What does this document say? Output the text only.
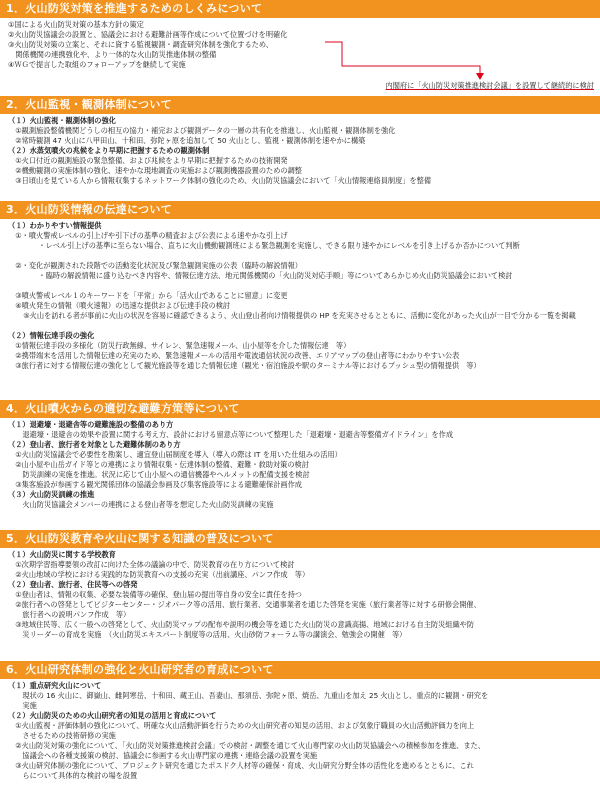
1．火山防災対策を推進するためのしくみについて
①国による火山防災対策の基本方針の策定
②火山防災協議会の設置と、協議会における避難計画等作成について位置づけを明確化
③火山防災対策の立案と、それに資する監視観測・調査研究体制を強化するため、
　関係機関の連携強化や、より一体的な火山防災推進体制の整備
④ＷＧで提言した取組のフォローアップを継続して実施
内閣府に「火山防災対策推進検討会議」を設置して継続的に検討
2．火山監視・観測体制について
（１）火山監視・観測体制の強化
　①観測施設整備機関どうしの相互の協力・補完および観測データの一層の共有化を推進し、火山監視・観測体制を強化
　②常時観測 47 火山に八甲田山、十和田、弥陀ヶ原を追加して 50 火山とし、監視・観測体制を速やかに構築
（２）水蒸気噴火の兆候をより早期に把握するための観測体制
　①火口付近の観測施設の緊急整備、および兆候をより早期に把握するための技術開発
　②機動観測の実施体制の強化、速やかな現地調査の実施および観測機器設置のための調整
　③日頃山を見ている人から情報収集するネットワーク体制の強化のため、火山防災協議会において「火山情報連絡員制度」を整備
3．火山防災情報の伝達について
（１）わかりやすい情報提供
　①・噴火警戒レベルの引上げや引下げの基準の精査および公表による速やかな引上げ
　　・レベル引上げの基準に至らない場合、直ちに火山機動観測班による緊急観測を実施し、できる限り速やかにレベルを引き上げるか否かについて判断
　②・変化が観測された段階での活動変化状況及び緊急観測実施の公表（臨時の解説情報）
　　・臨時の解説情報に盛り込むべき内容や、情報伝達方法、地元関係機関の「火山防災対応手順」等についてあらかじめ火山防災協議会において検討
　③噴火警戒レベル１のキーワードを「平常」から「活火山であることに留意」に変更
　④噴火発生の情報（噴火速報）の迅速な提供および伝達手段の検討
　⑤火山を訪れる者が事前に火山の状況を容易に確認できるよう、火山登山者向け情報提供の HP を充実させるとともに、活動に変化があった火山が一目で分かる一覧を掲載
（２）情報伝達手段の強化
　①情報伝達手段の多様化（防災行政無線、サイレン、緊急速報メール、山小屋等を介した情報伝達　等）
　②携帯端末を活用した情報伝達の充実のため、緊急速報メールの活用や電波通信状況の改善、エリアマップの登山者等にわかりやすい公表
　③旅行者に対する情報伝達の強化として観光施設等を通じた情報伝達（観光・宿泊施設や駅のターミナル等におけるプッシュ型の情報提供　等）
4．火山噴火からの適切な避難方策等について
（１）退避壕・退避舎等の避難施設の整備のあり方
　　退避壕・退避舎の効果や設置に関する考え方、設計における留意点等について整理した「退避壕・退避舎等整備ガイドライン」を作成
（２）登山者、旅行者を対象とした避難体制のあり方
　①火山防災協議会で必要性を勘案し、適宜登山届制度を導入（導入の際は IT を用いた仕組みの活用）
　②山小屋や山岳ガイド等との連携により情報収集・伝達体制の整備、避難・救助対策の検討
　　防災訓練の実施を推進。状況に応じて山小屋への通信機器やヘルメットの配備支援を検討
　③集客施設が参画する観光関係団体の協議会参画及び集客施設等による避難確保計画作成
（３）火山防災訓練の推進
　　火山防災協議会メンバーの連携による登山者等を想定した火山防災訓練の実施
5．火山防災教育や火山に関する知識の普及について
（１）火山防災に関する学校教育
　①次期学習指導要領の改訂に向けた全体の議論の中で、防災教育の在り方について検討
　②火山地域の学校における実践的な防災教育への支援の充実（出前講座、パンフ作成　等）
（２）登山者、旅行者、住民等への啓発
　①登山者は、情報の収集、必要な装備等の確保、登山届の提出等自身の安全に責任を持つ
　②旅行者への啓発としてビジターセンター・ジオパーク等の活用、旅行業者、交通事業者を通じた啓発を実施（旅行業者等に対する研修会開催、
　　旅行者への説明パンフ作成　等）
　③地域住民等、広く一般への啓発として、火山防災マップの配布や説明の機会等を通じた火山防災の意識高揚、地域における自主防災組織や防
　　災リーダーの育成を実施　（火山防災エキスパート制度等の活用、火山砂防フォーラム等の講演会、勉強会の開催　等）
6．火山研究体制の強化と火山研究者の育成について
（１）重点研究火山について
　　現状の 16 火山に、御嶽山、雌阿寒岳、十和田、蔵王山、吾妻山、那須岳、弥陀ヶ原、焼岳、九重山を加え 25 火山とし、重点的に観測・研究を
　　実施
（２）火山防災のための火山研究者の知見の活用と育成について
　①火山監視・評価体制の強化について、明確な火山活動評価を行うための火山研究者の知見の活用、および気象庁職員の火山活動評価力を向上
　　させるための技術研修の実施
　②火山防災対策の強化について、「火山防災対策推進検討会議」での検討・調整を通じて火山専門家の火山防災協議会への積極参加を推進、また、
　　協議会への各種支援策の検討、協議会に参画する火山専門家の連携・連絡会議の設置を実施
　③火山研究体制の強化について、プロジェクト研究を通じたポスドク人材等の確保・育成、火山研究分野全体の活性化を進めるとともに、これ
　　らについて具体的な検討の場を設置
